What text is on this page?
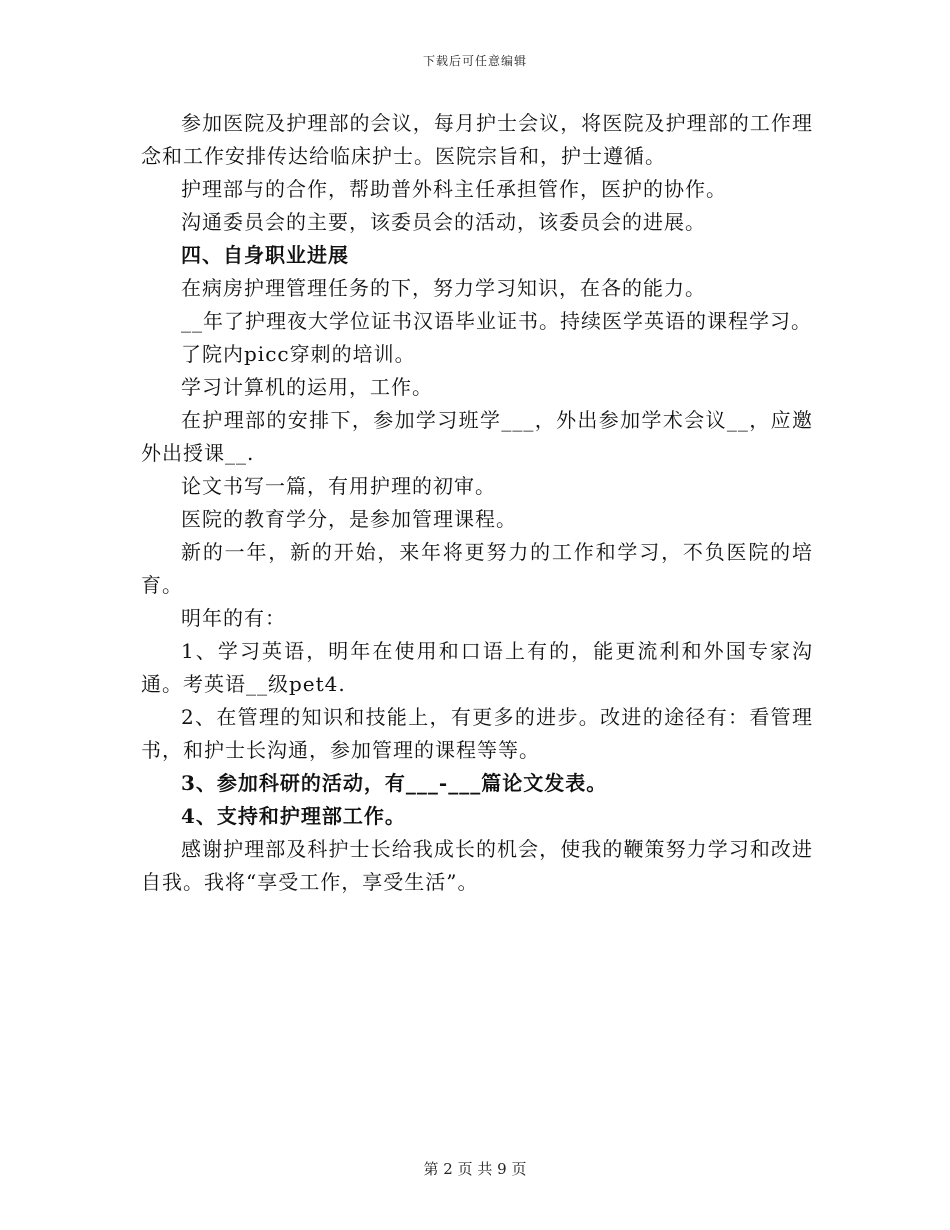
下载后可任意编辑

参加医院及护理部的会议，每月护士会议，将医院及护理部的工作理念和工作安排传达给临床护士。医院宗旨和，护士遵循。

护理部与的合作，帮助普外科主任承担管作，医护的协作。

沟通委员会的主要，该委员会的活动，该委员会的进展。

四、自身职业进展

在病房护理管理任务的下，努力学习知识，在各的能力。

__年了护理夜大学位证书汉语毕业证书。持续医学英语的课程学习。

了院内picc穿刺的培训。

学习计算机的运用，工作。

在护理部的安排下，参加学习班学___，外出参加学术会议__，应邀外出授课__.

论文书写一篇，有用护理的初审。

医院的教育学分，是参加管理课程。

新的一年，新的开始，来年将更努力的工作和学习，不负医院的培育。

明年的有：

1、学习英语，明年在使用和口语上有的，能更流利和外国专家沟通。考英语__级pet4.

2、在管理的知识和技能上，有更多的进步。改进的途径有：看管理书，和护士长沟通，参加管理的课程等等。

3、参加科研的活动，有___-___篇论文发表。

4、支持和护理部工作。

感谢护理部及科护士长给我成长的机会，使我的鞭策努力学习和改进自我。我将“享受工作，享受生活”。

第 2 页 共 9 页
